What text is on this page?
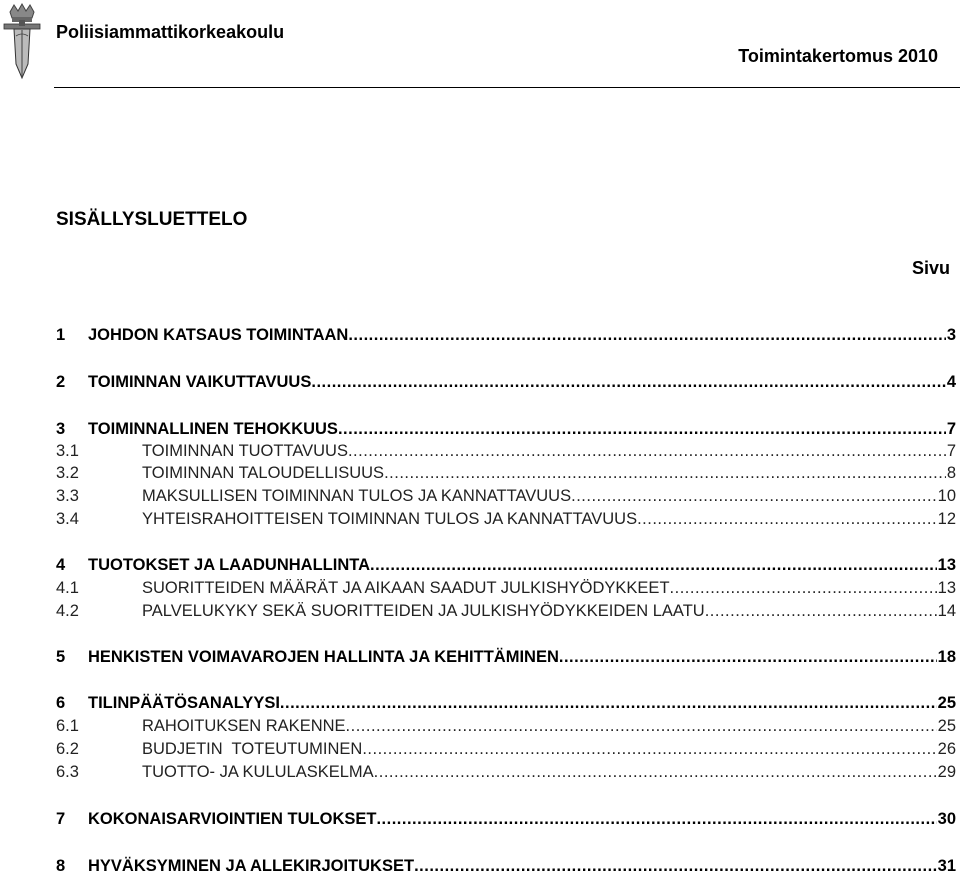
Poliisiammattikorkeakoulu
Toimintakertomus 2010
SISÄLLYSLUETTELO
Sivu
1	JOHDON KATSAUS TOIMINTAAN .....	3
2	TOIMINNAN VAIKUTTAVUUS .....	4
3	TOIMINNALLINEN TEHOKKUUS .....	7
3.1	TOIMINNAN TUOTTAVUUS .....	7
3.2	TOIMINNAN TALOUDELLISUUS .....	8
3.3	MAKSULLISEN TOIMINNAN TULOS JA KANNATTAVUUS .....	10
3.4	YHTEISRAHOITTEISEN TOIMINNAN TULOS JA KANNATTAVUUS .....	12
4	TUOTOKSET JA LAADUNHALLINTA .....	13
4.1	SUORITTEIDEN MÄÄRÄT JA AIKAAN SAADUT JULKISHYÖDYKKEET .....	13
4.2	PALVELUKYKY SEKÄ SUORITTEIDEN JA JULKISHYÖDYKKEIDEN LAATU .....	14
5	HENKISTEN VOIMAVAROJEN HALLINTA JA KEHITTÄMINEN .....	18
6	TILINPÄÄTÖSANALYYSI .....	25
6.1	RAHOITUKSEN RAKENNE .....	25
6.2	BUDJETIN  TOTEUTUMINEN .....	26
6.3	TUOTTO- JA KULULASKELMA .....	29
7	KOKONAISARVIOINTIEN TULOKSET .....	30
8	HYVÄKSYMINEN JA ALLEKIRJOITUKSET .....	31
